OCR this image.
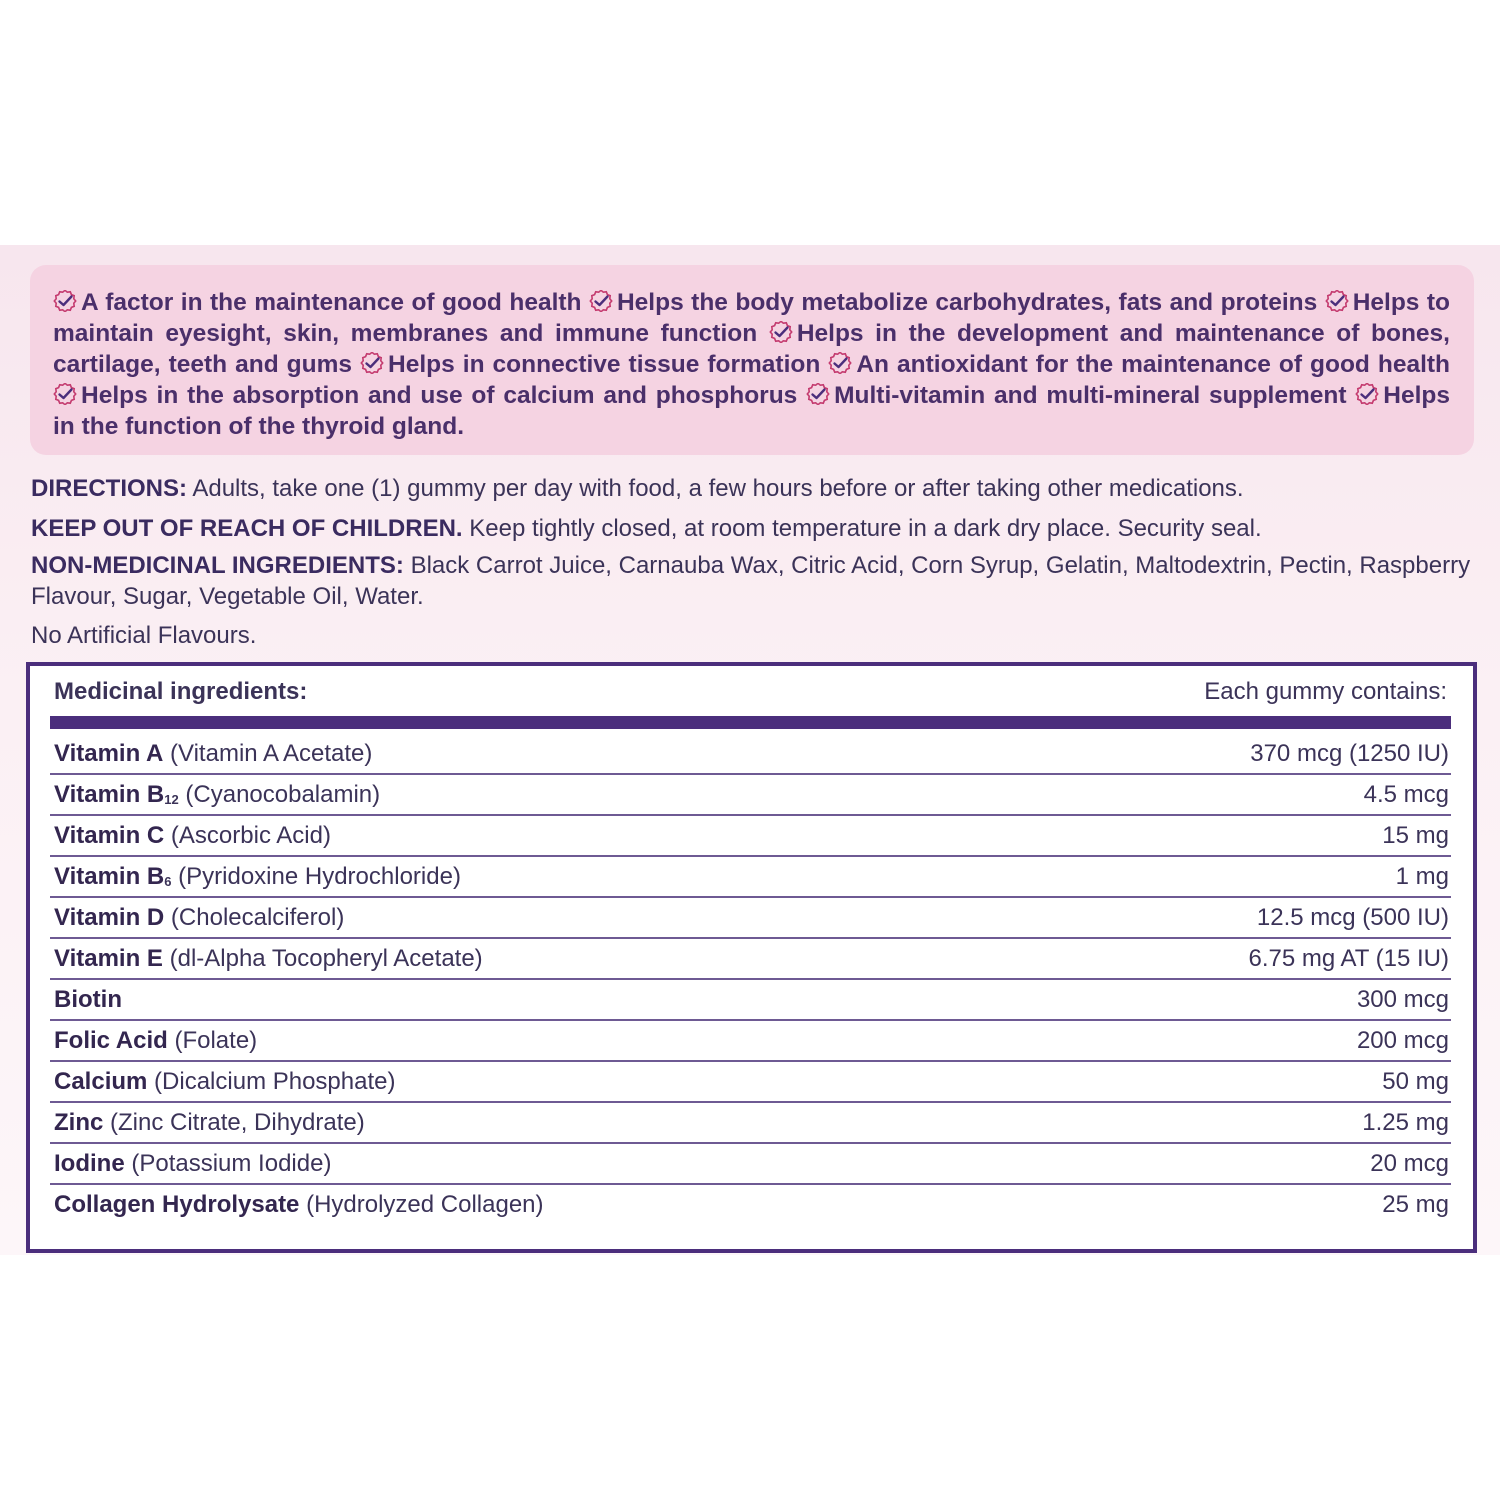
A factor in the maintenance of good health Helps the body metabolize carbohydrates, fats and proteins Helps to maintain eyesight, skin, membranes and immune function Helps in the development and maintenance of bones, cartilage, teeth and gums Helps in connective tissue formation An antioxidant for the maintenance of good health
Helps in the absorption and use of calcium and phosphorus Multi-vitamin and multi-mineral supplement Helps in the function of the thyroid gland.

DIRECTIONS: Adults, take one (1) gummy per day with food, a few hours before or after taking other medications.
KEEP OUT OF REACH OF CHILDREN. Keep tightly closed, at room temperature in a dark dry place. Security seal.
NON-MEDICINAL INGREDIENTS: Black Carrot Juice, Carnauba Wax, Citric Acid, Corn Syrup, Gelatin, Maltodextrin, Pectin, Raspberry Flavour, Sugar, Vegetable Oil, Water.
No Artificial Flavours.
Medicinal ingredients:	Each gummy contains:
Vitamin A (Vitamin A Acetate)	370 mcg (1250 IU)
Vitamin $B_{12}$ (Cyanocobalamin)	4.5 mcg
Vitamin C (Ascorbic Acid)	15 mg
Vitamin $B_6$ (Pyridoxine Hydrochloride)	1 mg
Vitamin D (Cholecalciferol)	12.5 mcg (500 IU)
Vitamin E (dl-Alpha Tocopheryl Acetate)	6.75 mg AT (15 IU)
Biotin	300 mcg
Folic Acid (Folate)	200 mcg
Calcium (Dicalcium Phosphate)	50 mg
Zinc (Zinc Citrate, Dihydrate)	1.25 mg
Iodine (Potassium Iodide)	20 mcg
Collagen Hydrolysate (Hydrolyzed Collagen)	25 mg
